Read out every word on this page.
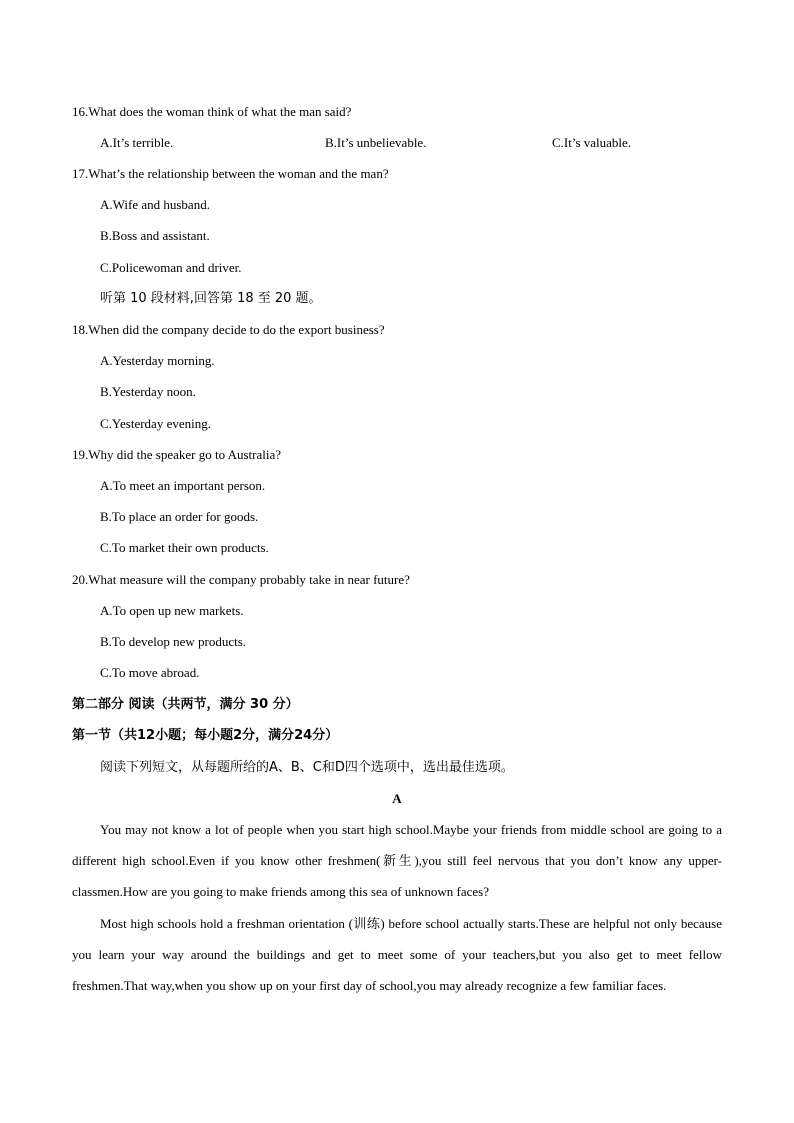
16.What does the woman think of what the man said?
A.It’s terrible.	B.It’s unbelievable.	C.It’s valuable.
17.What’s the relationship between the woman and the man?
A.Wife and husband.
B.Boss and assistant.
C.Policewoman and driver.
听第 10 段材料,回答第 18 至 20 题。
18.When did the company decide to do the export business?
A.Yesterday morning.
B.Yesterday noon.
C.Yesterday evening.
19.Why did the speaker go to Australia?
A.To meet an important person.
B.To place an order for goods.
C.To market their own products.
20.What measure will the company probably take in near future?
A.To open up new markets.
B.To develop new products.
C.To move abroad.
第二部分 阅读（共两节，满分 30 分）
第一节（共12小题；每小题2分，满分24分）
阅读下列短文，从每题所给的A、B、C和D四个选项中，选出最佳选项。
A
You may not know a lot of people when you start high school.Maybe your friends from middle school are going to a different high school.Even if you know other freshmen(新生),you still feel nervous that you don’t know any upper-classmen.How are you going to make friends among this sea of unknown faces?
Most high schools hold a freshman orientation (训练) before school actually starts.These are helpful not only because you learn your way around the buildings and get to meet some of your teachers,but you also get to meet fellow freshmen.That way,when you show up on your first day of school,you may already recognize a few familiar faces.
